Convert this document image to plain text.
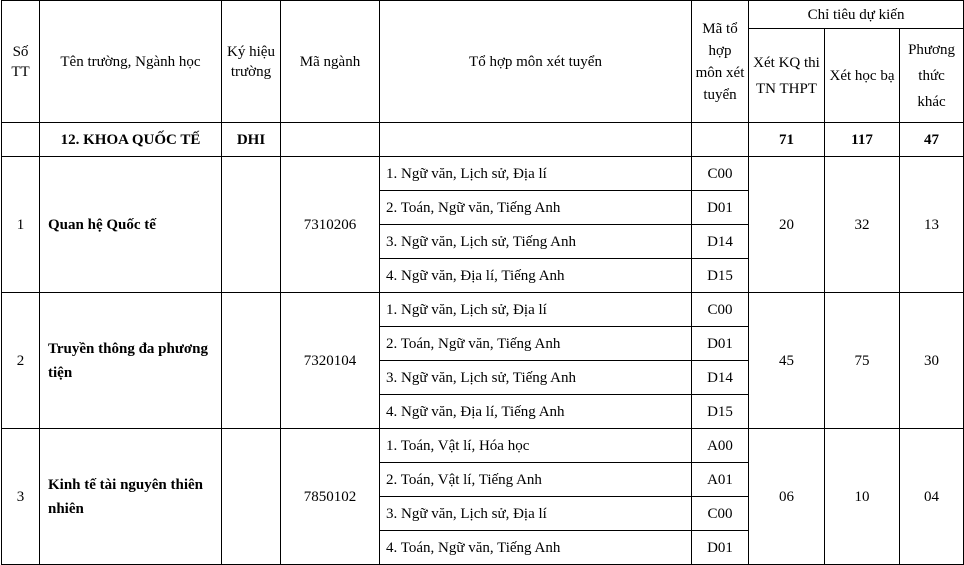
Số TT	Tên trường, Ngành học	Ký hiệu trường	Mã ngành	Tổ hợp môn xét tuyển	Mã tổ hợp môn xét tuyển	Chỉ tiêu dự kiến		
						Xét KQ thi TN THPT	Xét học bạ	Phương thức khác
	12. KHOA QUỐC TẾ	DHI				71	117	47
1	Quan hệ Quốc tế		7310206	1. Ngữ văn, Lịch sử, Địa lí	C00	20	32	13
				2. Toán, Ngữ văn, Tiếng Anh	D01			
				3. Ngữ văn, Lịch sử, Tiếng Anh	D14			
				4. Ngữ văn, Địa lí, Tiếng Anh	D15			
2	Truyền thông đa phương tiện		7320104	1. Ngữ văn, Lịch sử, Địa lí	C00	45	75	30
				2. Toán, Ngữ văn, Tiếng Anh	D01			
				3. Ngữ văn, Lịch sử, Tiếng Anh	D14			
				4. Ngữ văn, Địa lí, Tiếng Anh	D15			
3	Kinh tế tài nguyên thiên nhiên		7850102	1. Toán, Vật lí, Hóa học	A00	06	10	04
				2. Toán, Vật lí, Tiếng Anh	A01			
				3. Ngữ văn, Lịch sử, Địa lí	C00			
				4. Toán, Ngữ văn, Tiếng Anh	D01			
